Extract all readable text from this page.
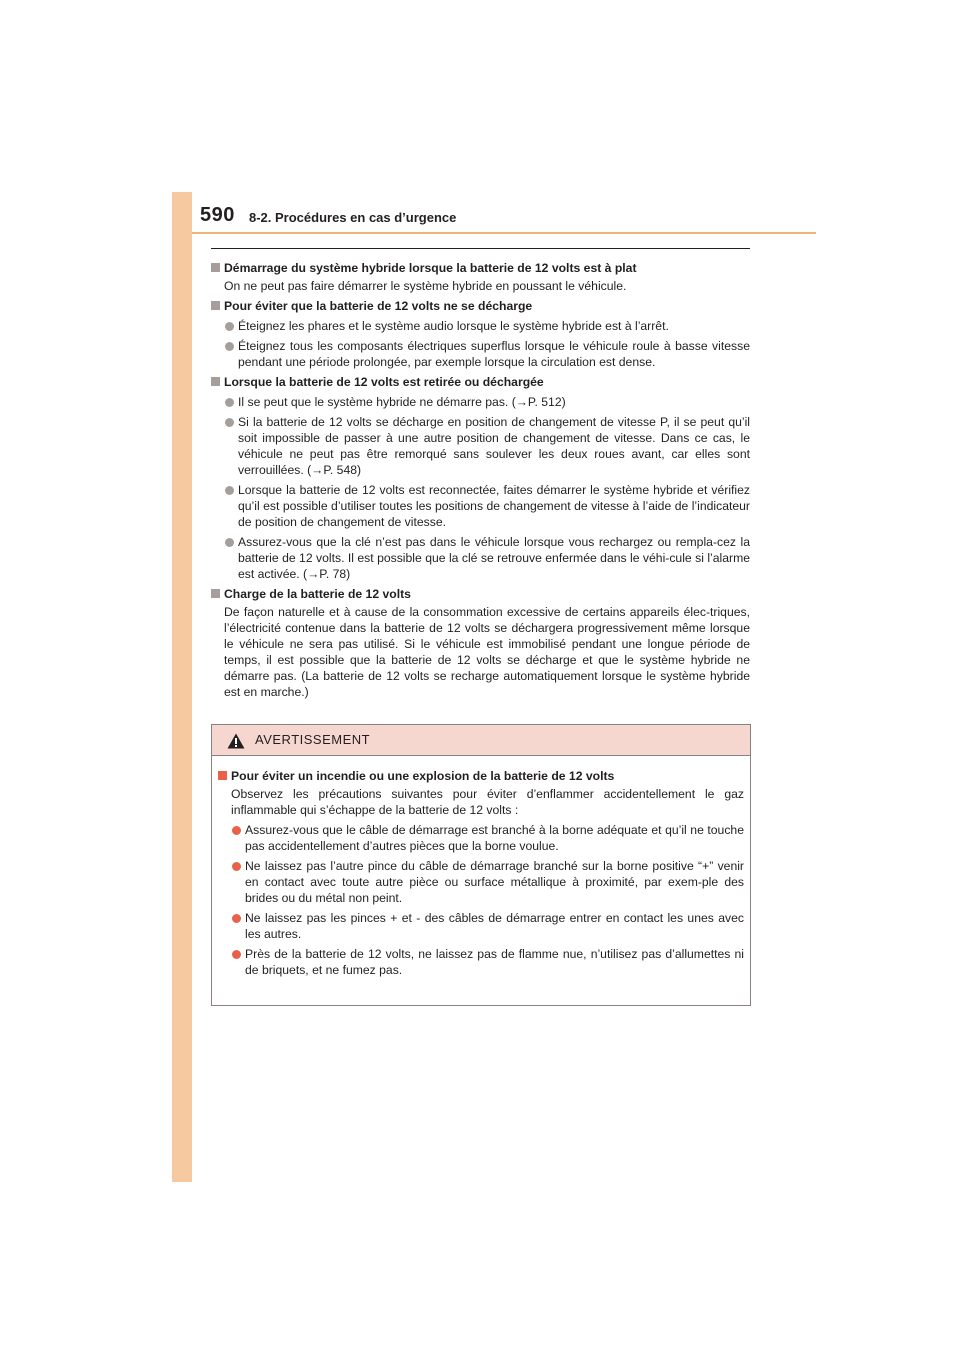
590 8-2. Procédures en cas d’urgence
Démarrage du système hybride lorsque la batterie de 12 volts est à plat
On ne peut pas faire démarrer le système hybride en poussant le véhicule.
Pour éviter que la batterie de 12 volts ne se décharge
Éteignez les phares et le système audio lorsque le système hybride est à l’arrêt.
Éteignez tous les composants électriques superflus lorsque le véhicule roule à basse vitesse pendant une période prolongée, par exemple lorsque la circulation est dense.
Lorsque la batterie de 12 volts est retirée ou déchargée
Il se peut que le système hybride ne démarre pas. (→P. 512)
Si la batterie de 12 volts se décharge en position de changement de vitesse P, il se peut qu’il soit impossible de passer à une autre position de changement de vitesse. Dans ce cas, le véhicule ne peut pas être remorqué sans soulever les deux roues avant, car elles sont verrouillées. (→P. 548)
Lorsque la batterie de 12 volts est reconnectée, faites démarrer le système hybride et vérifiez qu’il est possible d’utiliser toutes les positions de changement de vitesse à l’aide de l’indicateur de position de changement de vitesse.
Assurez-vous que la clé n’est pas dans le véhicule lorsque vous rechargez ou rempla-cez la batterie de 12 volts. Il est possible que la clé se retrouve enfermée dans le véhi-cule si l’alarme est activée. (→P. 78)
Charge de la batterie de 12 volts
De façon naturelle et à cause de la consommation excessive de certains appareils élec-triques, l’électricité contenue dans la batterie de 12 volts se déchargera progressivement même lorsque le véhicule ne sera pas utilisé. Si le véhicule est immobilisé pendant une longue période de temps, il est possible que la batterie de 12 volts se décharge et que le système hybride ne démarre pas. (La batterie de 12 volts se recharge automatiquement lorsque le système hybride est en marche.)
AVERTISSEMENT
Pour éviter un incendie ou une explosion de la batterie de 12 volts
Observez les précautions suivantes pour éviter d’enflammer accidentellement le gaz inflammable qui s’échappe de la batterie de 12 volts :
Assurez-vous que le câble de démarrage est branché à la borne adéquate et qu’il ne touche pas accidentellement d’autres pièces que la borne voulue.
Ne laissez pas l’autre pince du câble de démarrage branché sur la borne positive “+” venir en contact avec toute autre pièce ou surface métallique à proximité, par exem-ple des brides ou du métal non peint.
Ne laissez pas les pinces + et - des câbles de démarrage entrer en contact les unes avec les autres.
Près de la batterie de 12 volts, ne laissez pas de flamme nue, n’utilisez pas d’allumettes ni de briquets, et ne fumez pas.
